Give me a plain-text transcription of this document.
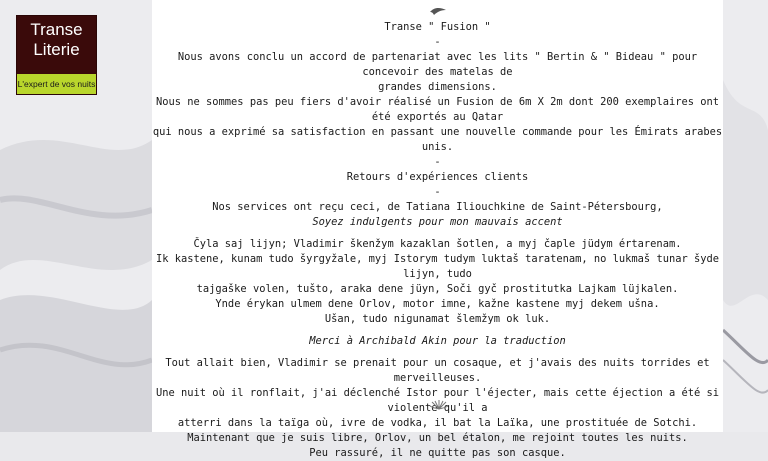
Transe
Literie
L'expert de vos nuits

Transe " Fusion "

-

Nous avons conclu un accord de partenariat avec les lits " Bertin & " Bideau " pour concevoir des matelas de

grandes dimensions.

Nous ne sommes pas peu fiers d'avoir réalisé un Fusion de 6m X 2m dont 200 exemplaires ont été exportés au Qatar

qui nous a exprimé sa satisfaction en passant une nouvelle commande pour les Émirats arabes unis.

-

Retours d'expériences clients

-

Nos services ont reçu ceci, de Tatiana Iliouchkine de Saint-Pétersbourg,

Soyez indulgents pour mon mauvais accent

Čyla saj lijyn; Vladimir škenžym kazaklan šotlen, a myj čaple jüdym értarenam.

Ik kastene, kunam tudo šyrgyžale, myj Istorym tudym luktaš taratenam, no lukmaš tunar šyde lijyn, tudo

tajgaške volen, tušto, araka dene jüyn, Soči gyč prostitutka Lajkam lüjkalen.

Ynde érykan ulmem dene Orlov, motor imne, kažne kastene myj dekem ušna.

Ušan, tudo nigunamat šlemžym ok luk.

Merci à Archibald Akin pour la traduction

Tout allait bien, Vladimir se prenait pour un cosaque, et j'avais des nuits torrides et merveilleuses.

Une nuit où il ronflait, j'ai déclenché Istor pour l'éjecter, mais cette éjection a été si violente qu'il a

atterri dans la taïga où, ivre de vodka, il bat la Laïka, une prostituée de Sotchi.

Maintenant que je suis libre, Orlov, un bel étalon, me rejoint toutes les nuits.

Peu rassuré, il ne quitte pas son casque.
